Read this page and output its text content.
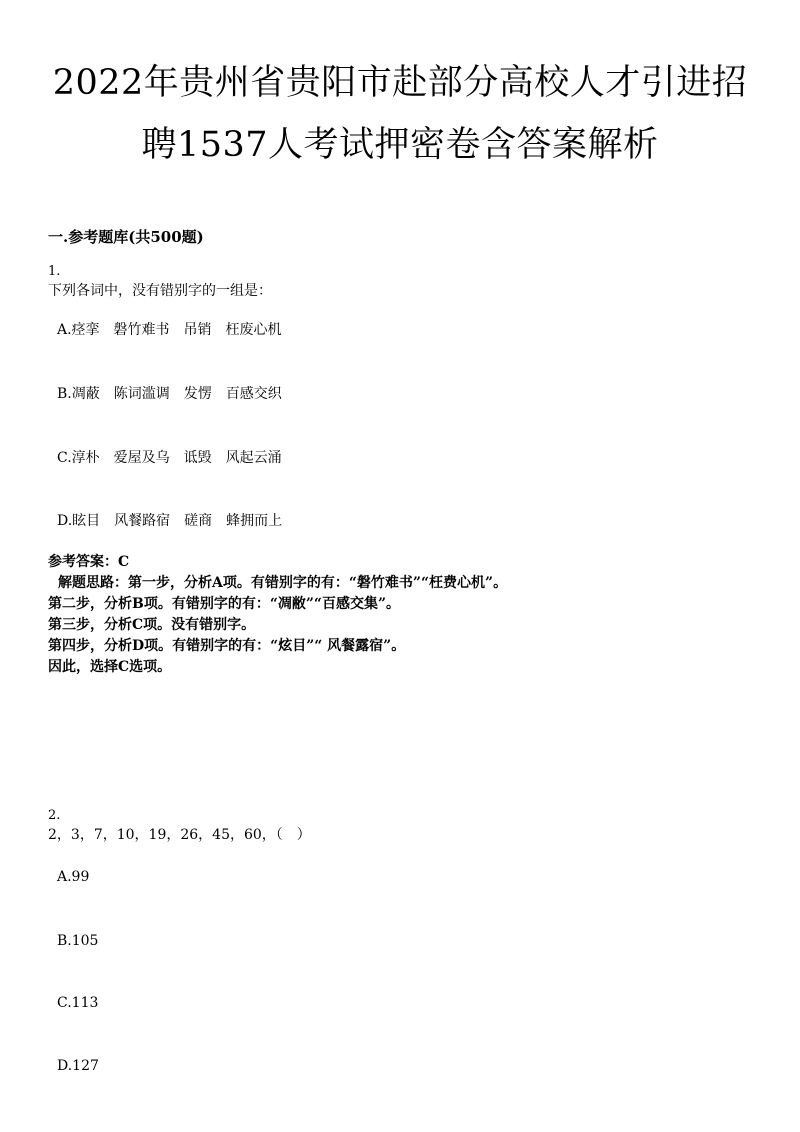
2022年贵州省贵阳市赴部分高校人才引进招
聘1537人考试押密卷含答案解析
一.参考题库(共500题)
1.
下列各词中，没有错别字的一组是：
A.痉挛　磐竹难书　吊销　枉废心机
B.凋蔽　陈词滥调　发愣　百感交织
C.淳朴　爱屋及乌　诋毁　风起云涌
D.眩目　风餐路宿　磋商　蜂拥而上
参考答案：C
解题思路：第一步，分析A项。有错别字的有：“磐竹难书”“枉费心机”。
第二步，分析B项。有错别字的有：“凋敝”“百感交集”。
第三步，分析C项。没有错别字。
第四步，分析D项。有错别字的有：“炫目”“ 风餐露宿”。
因此，选择C选项。
2.
2，3，7，10，19，26，45，60，（　）
A.99
B.105
C.113
D.127
